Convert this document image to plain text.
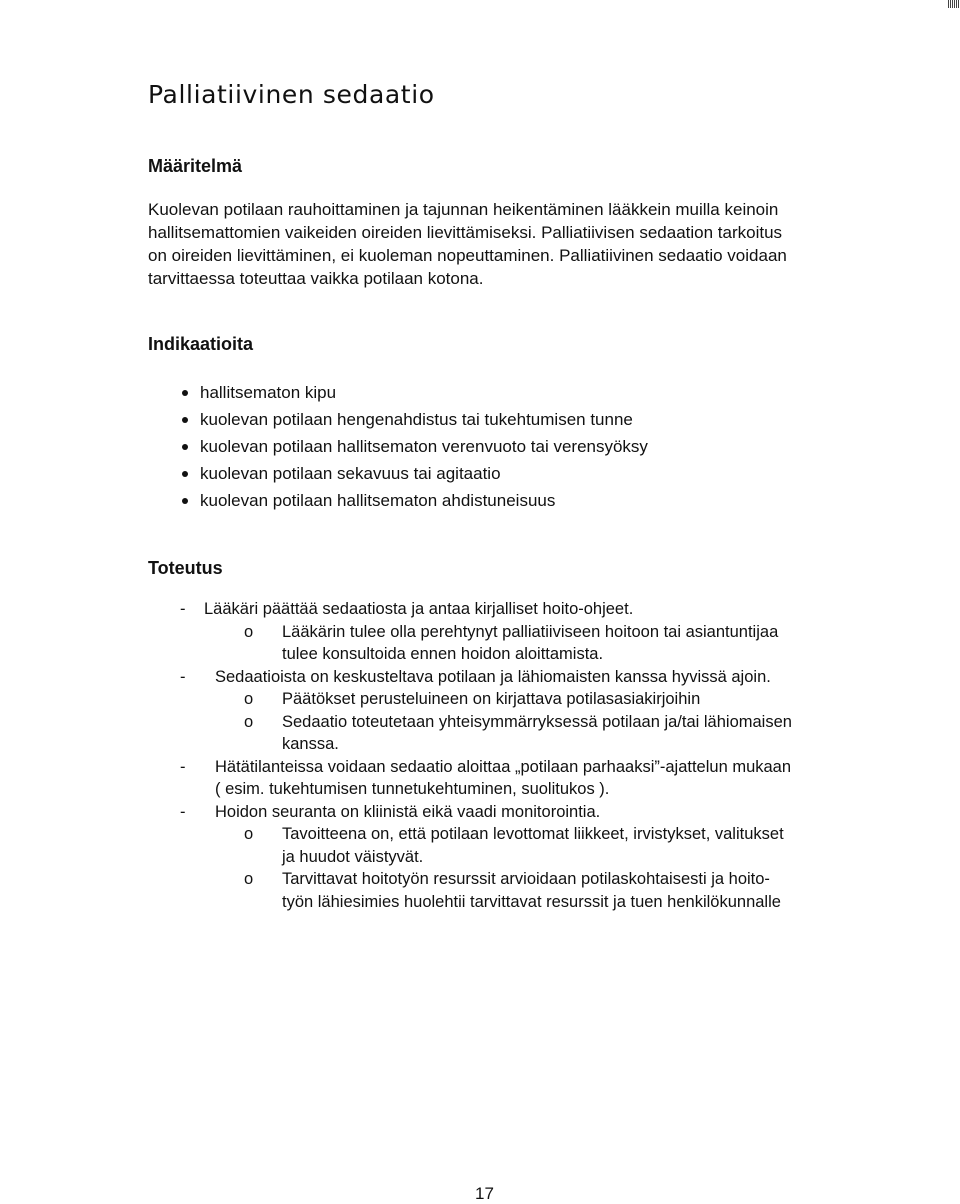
Palliatiivinen sedaatio
Määritelmä
Kuolevan potilaan rauhoittaminen ja tajunnan heikentäminen lääkkein muilla keinoin
hallitsemattomien vaikeiden oireiden lievittämiseksi. Palliatiivisen sedaation tarkoitus
on oireiden lievittäminen, ei kuoleman nopeuttaminen. Palliatiivinen sedaatio voidaan
tarvittaessa toteuttaa vaikka potilaan kotona.
Indikaatioita
hallitsematon kipu
kuolevan potilaan hengenahdistus tai tukehtumisen tunne
kuolevan potilaan hallitsematon verenvuoto tai verensyöksy
kuolevan potilaan sekavuus tai agitaatio
kuolevan potilaan hallitsematon ahdistuneisuus
Toteutus
- Lääkäri päättää sedaatiosta ja antaa kirjalliset hoito-ohjeet.
o Lääkärin tulee olla perehtynyt palliatiiviseen hoitoon tai asiantuntijaa
tulee konsultoida ennen hoidon aloittamista.
- Sedaatioista on keskusteltava potilaan ja lähiomaisten kanssa hyvissä ajoin.
o Päätökset perusteluineen on kirjattava potilasasiakirjoihin
o Sedaatio toteutetaan yhteisymmärryksessä potilaan ja/tai lähiomaisen
kanssa.
- Hätätilanteissa voidaan sedaatio aloittaa „potilaan parhaaksi”-ajattelun mukaan
( esim. tukehtumisen tunnetukehtuminen, suolitukos ).
- Hoidon seuranta on kliinistä eikä vaadi monitorointia.
o Tavoitteena on, että potilaan levottomat liikkeet, irvistykset, valitukset
ja huudot väistyvät.
o Tarvittavat hoitotyön resurssit arvioidaan potilaskohtaisesti ja hoito-
työn lähiesimies huolehtii tarvittavat resurssit ja tuen henkilökunnalle
17
